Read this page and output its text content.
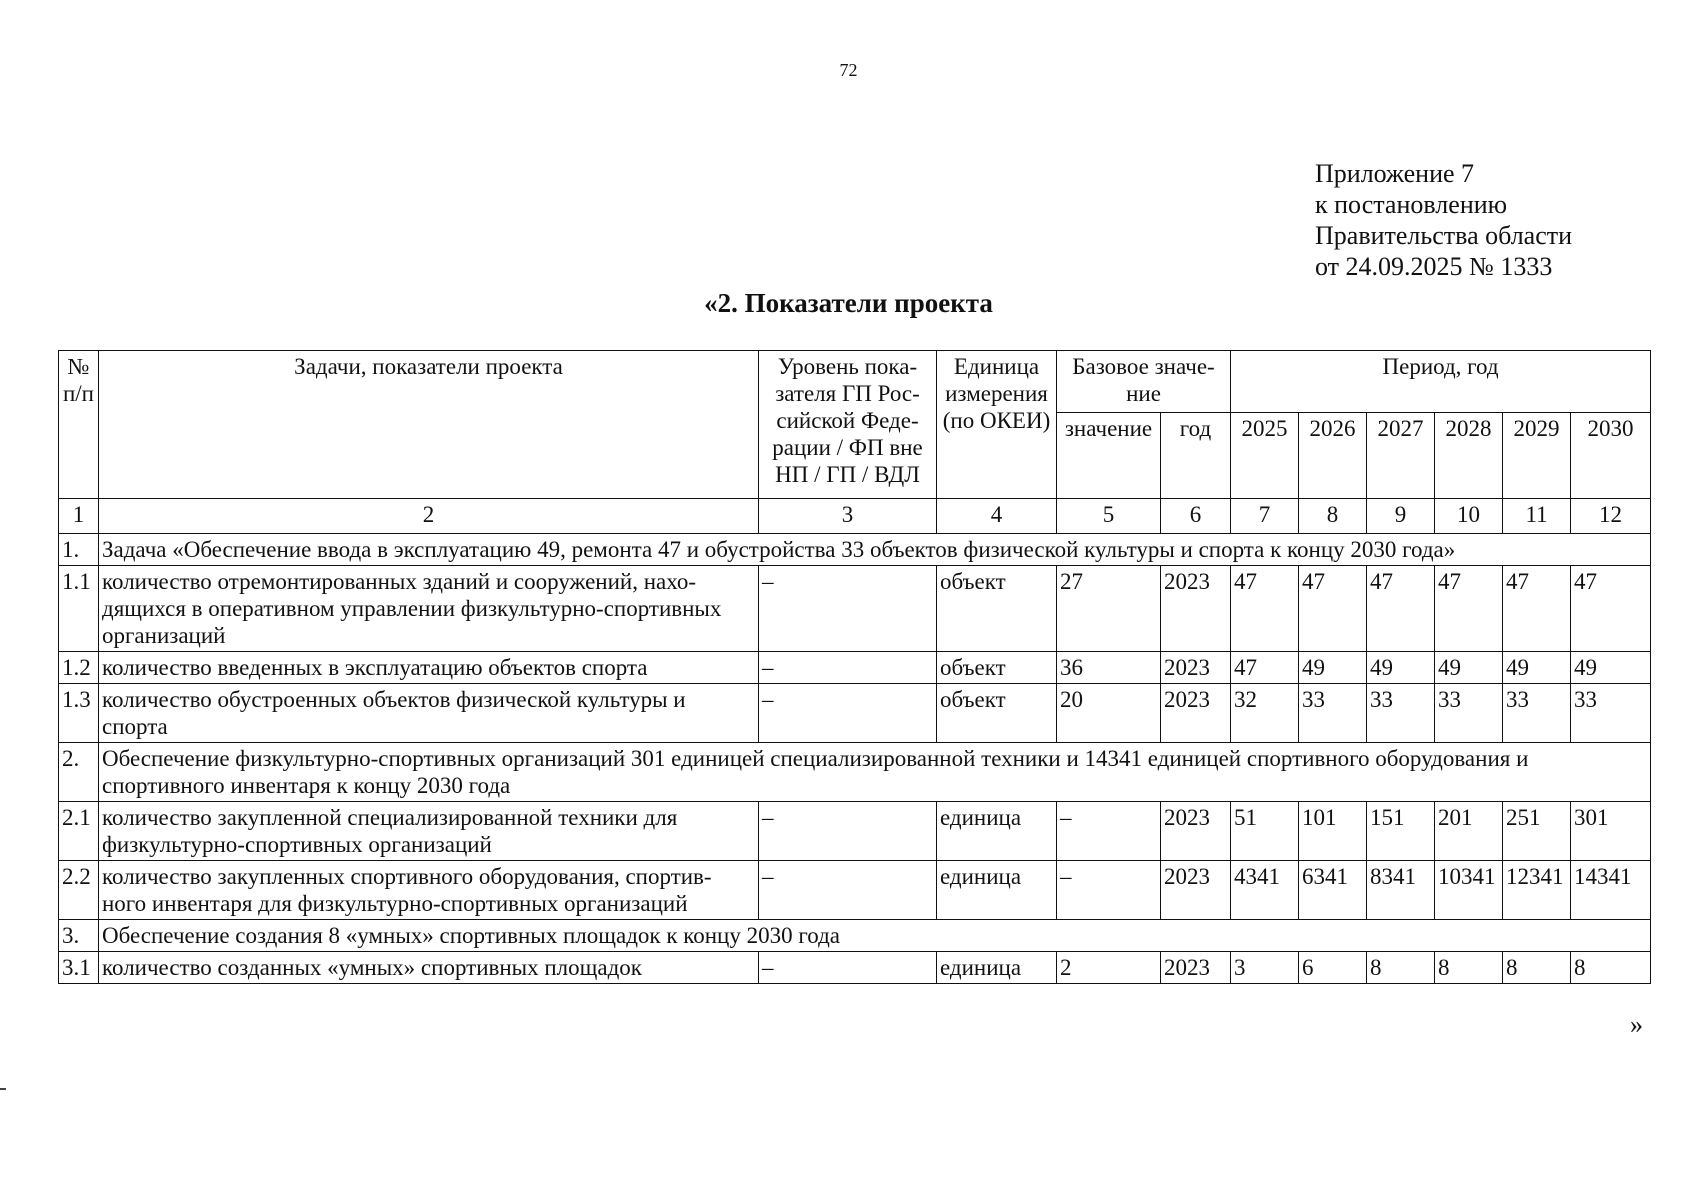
72
Приложение 7
к постановлению
Правительства области
от 24.09.2025 № 1333
«2. Показатели проекта
№ п/п	Задачи, показатели проекта	Уровень пока-зателя ГП Рос-сийской Феде-рации / ФП вне НП / ГП / ВДЛ	Единица измерения (по ОКЕИ)	Базовое значе-ние		Период, год					
				значение	год	2025	2026	2027	2028	2029	2030
1	2	3	4	5	6	7	8	9	10	11	12
1.	Задача «Обеспечение ввода в эксплуатацию 49, ремонта 47 и обустройства 33 объектов физической культуры и спорта к концу 2030 года»										
1.1	количество отремонтированных зданий и сооружений, нахо-дящихся в оперативном управлении физкультурно-спортивных организаций	–	объект	27	2023	47	47	47	47	47	47
1.2	количество введенных в эксплуатацию объектов спорта	–	объект	36	2023	47	49	49	49	49	49
1.3	количество обустроенных объектов физической культуры и спорта	–	объект	20	2023	32	33	33	33	33	33
2.	Обеспечение физкультурно-спортивных организаций 301 единицей специализированной техники и 14341 единицей спортивного оборудования и спортивного инвентаря к концу 2030 года										
2.1	количество закупленной специализированной техники для физкультурно-спортивных организаций	–	единица	–	2023	51	101	151	201	251	301
2.2	количество закупленных спортивного оборудования, спортив-ного инвентаря для физкультурно-спортивных организаций	–	единица	–	2023	4341	6341	8341	10341	12341	14341
3.	Обеспечение создания 8 «умных» спортивных площадок к концу 2030 года										
3.1	количество созданных «умных» спортивных площадок	–	единица	2	2023	3	6	8	8	8	8
»
